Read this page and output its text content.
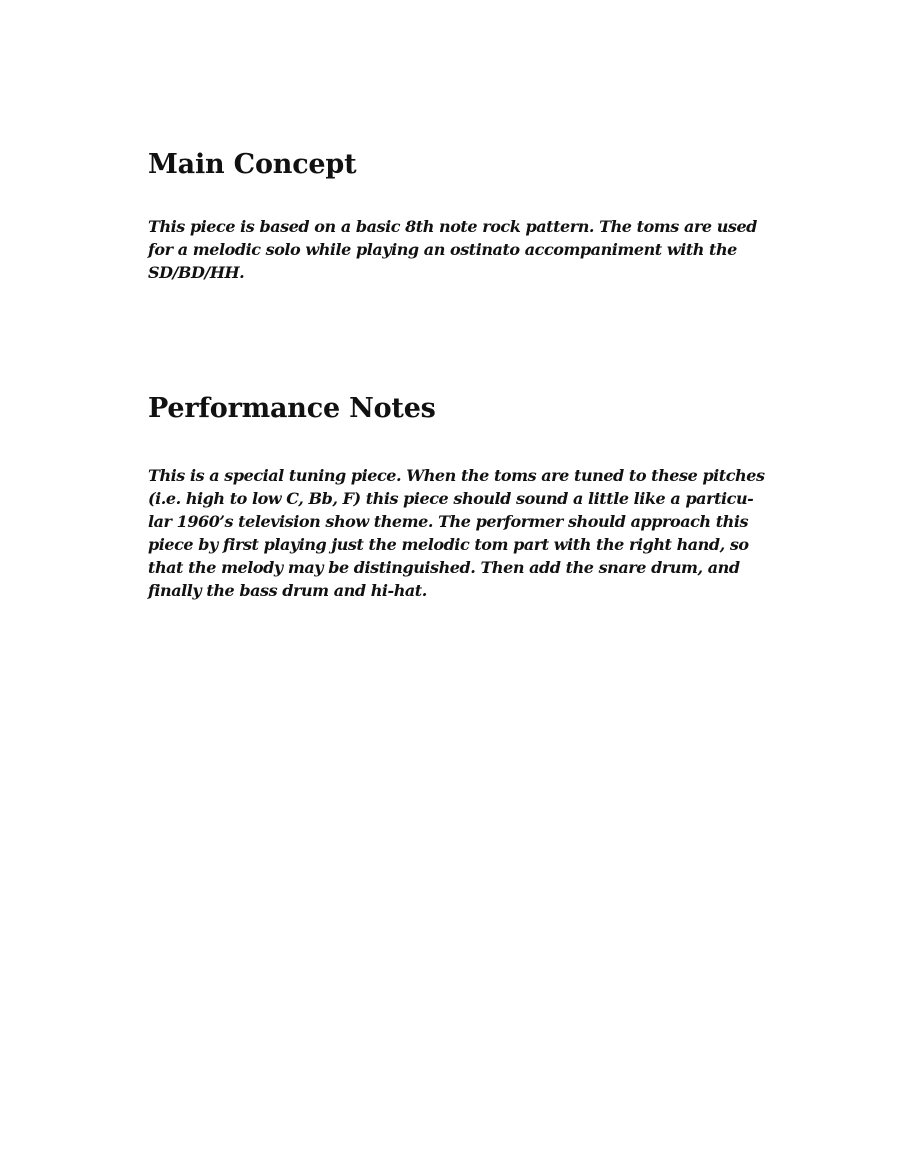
Main Concept

This piece is based on a basic 8th note rock pattern. The toms are used
for a melodic solo while playing an ostinato accompaniment with the
SD/BD/HH.

Performance Notes

This is a special tuning piece. When the toms are tuned to these pitches
(i.e. high to low C, Bb, F) this piece should sound a little like a particu-
lar 1960’s television show theme. The performer should approach this
piece by first playing just the melodic tom part with the right hand, so
that the melody may be distinguished. Then add the snare drum, and
finally the bass drum and hi-hat.
